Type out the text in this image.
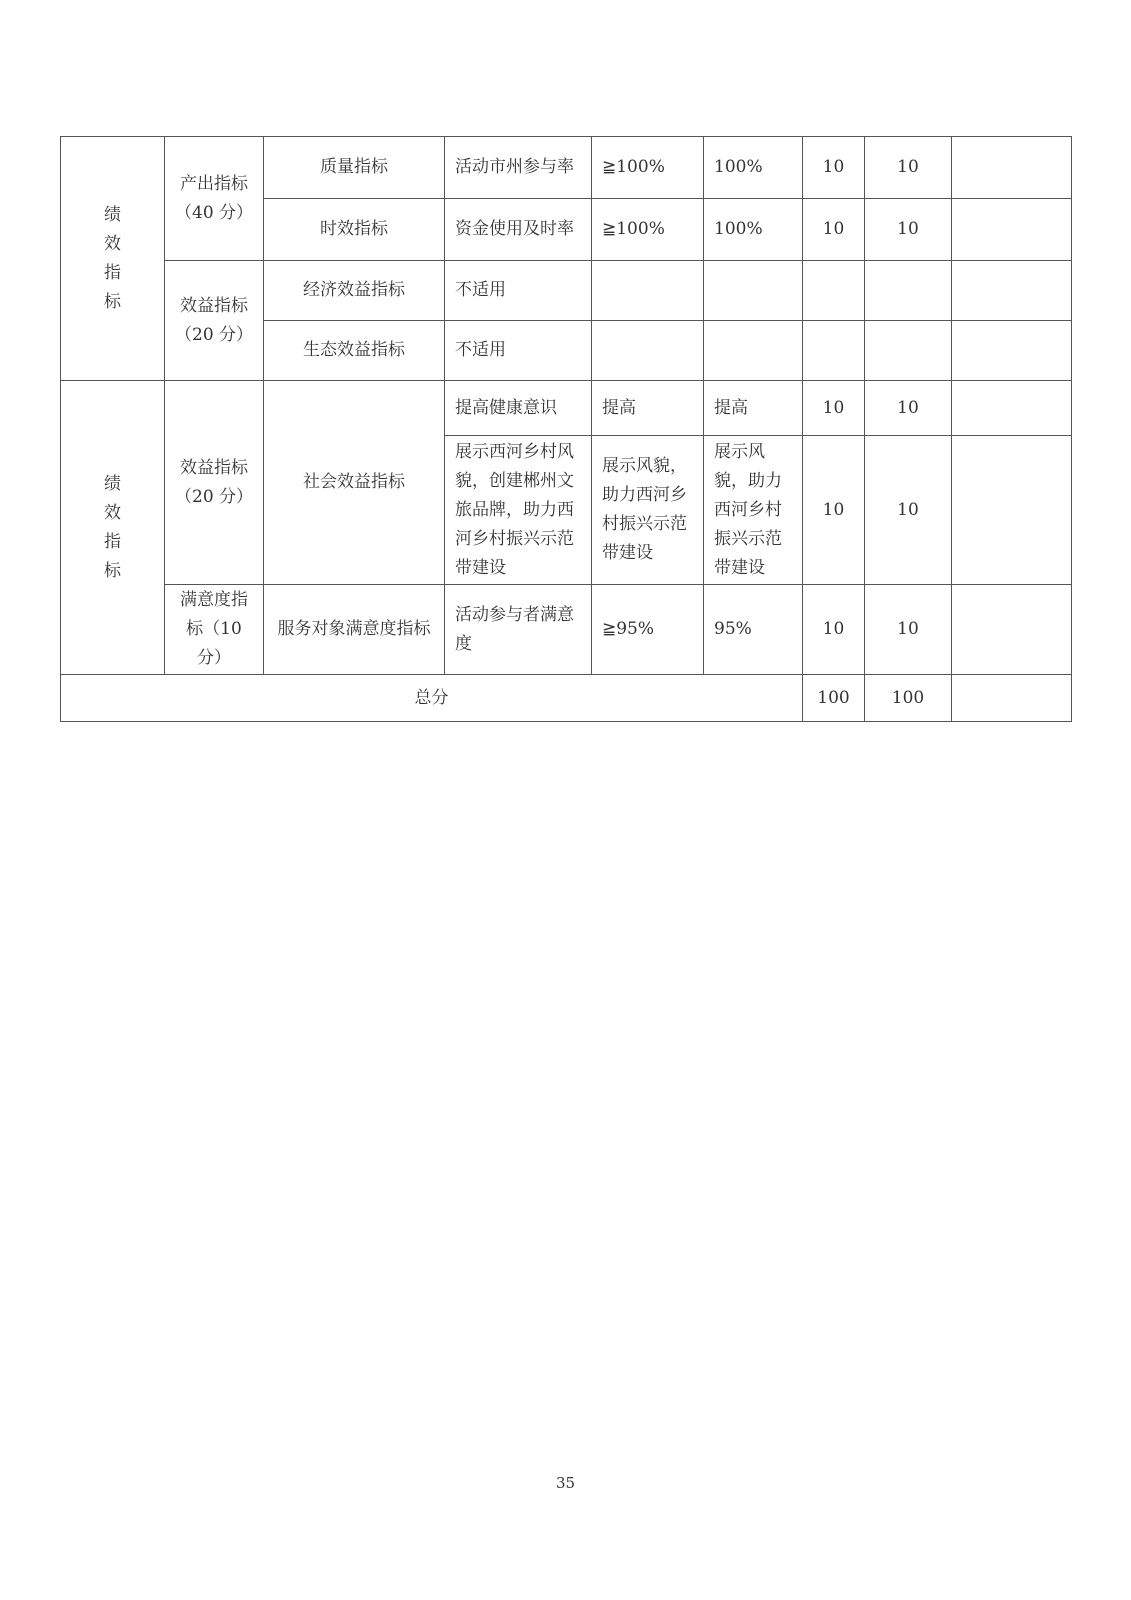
绩
效
指
标	产出指标（40 分）	质量指标	活动市州参与率	≧100%	100%	10	10	
		时效指标	资金使用及时率	≧100%	100%	10	10	
	效益指标（20 分）	经济效益指标	不适用					
		生态效益指标	不适用					

绩
效
指
标	效益指标（20 分）	社会效益指标	提高健康意识	提高	提高	10	10	
			展示西河乡村风貌，创建郴州文旅品牌，助力西河乡村振兴示范带建设	展示风貌，助力西河乡村振兴示范带建设	展示风貌，助力西河乡村振兴示范带建设	10	10	
	满意度指标（10 分）	服务对象满意度指标	活动参与者满意度	≧95%	95%	10	10	
总分						100	100	
35
